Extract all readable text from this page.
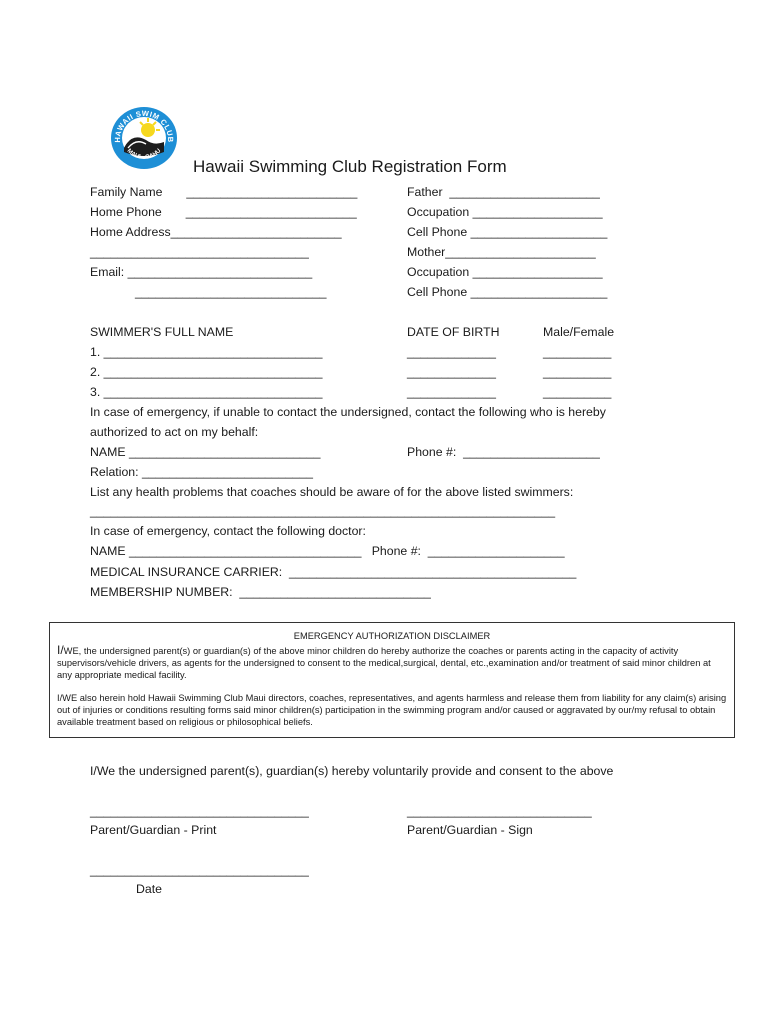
HAWAII SWIM CLUB
MAUI · OAHU
Hawaii Swimming Club Registration Form
Family Name       _________________________
Home Phone       _________________________
Home Address_________________________
________________________________
Email: ___________________________
____________________________
Father  ______________________
Occupation ___________________
Cell Phone ____________________
Mother______________________
Occupation ___________________
Cell Phone ____________________
SWIMMER'S FULL NAME	DATE OF BIRTH	Male/Female
1. ________________________________	_____________	__________
2. ________________________________	_____________	__________
3. ________________________________	_____________	__________
In case of emergency, if unable to contact the undersigned, contact the following who is hereby
authorized to act on my behalf:
NAME ____________________________	Phone #:  ____________________
Relation: _________________________
List any health problems that coaches should be aware of for the above listed swimmers:
____________________________________________________________________
In case of emergency, contact the following doctor:
NAME __________________________________   Phone #:  ____________________
MEDICAL INSURANCE CARRIER:  __________________________________________
MEMBERSHIP NUMBER:  ____________________________
EMERGENCY AUTHORIZATION DISCLAIMER
I/WE, the undersigned parent(s) or guardian(s) of the above minor children do hereby authorize the coaches or parents acting in the capacity of activity supervisors/vehicle drivers, as agents for the undersigned to consent to the medical,surgical, dental, etc.,examination and/or treatment of said minor children at any appropriate medical facility.
I/WE also herein hold Hawaii Swimming Club Maui directors, coaches, representatives, and agents harmless and release them from liability for any claim(s) arising out of injuries or conditions resulting forms said minor children(s) participation in the swimming program and/or caused or aggravated by our/my refusal to obtain available treatment based on religious or philosophical beliefs.
I/We the undersigned parent(s), guardian(s) hereby voluntarily provide and consent to the above
________________________________	___________________________
Parent/Guardian - Print	Parent/Guardian - Sign
________________________________
Date
